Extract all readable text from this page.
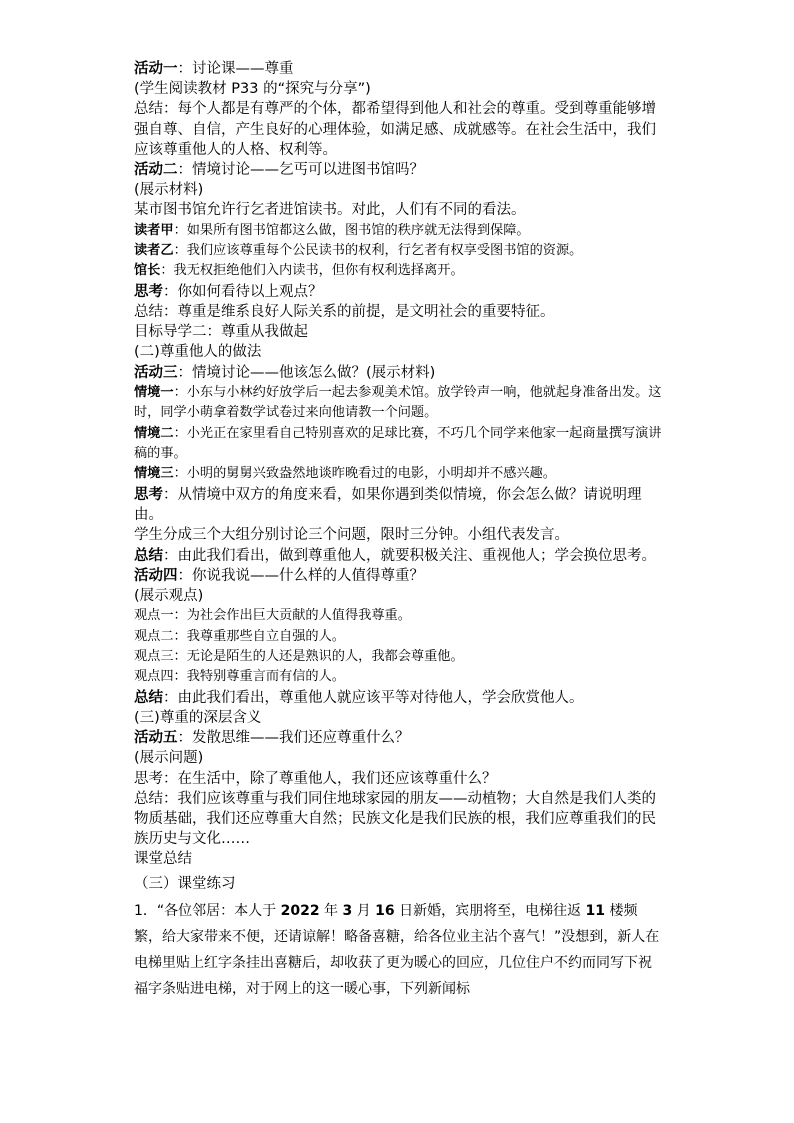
活动一：讨论课——尊重

(学生阅读教材 P33 的“探究与分享”)

总结：每个人都是有尊严的个体，都希望得到他人和社会的尊重。受到尊重能够增强自尊、自信，产生良好的心理体验，如满足感、成就感等。在社会生活中，我们应该尊重他人的人格、权利等。

活动二：情境讨论——乞丐可以进图书馆吗？

(展示材料)

某市图书馆允许行乞者进馆读书。对此，人们有不同的看法。

读者甲：如果所有图书馆都这么做，图书馆的秩序就无法得到保障。

读者乙：我们应该尊重每个公民读书的权利，行乞者有权享受图书馆的资源。

馆长：我无权拒绝他们入内读书，但你有权利选择离开。

思考：你如何看待以上观点？

总结：尊重是维系良好人际关系的前提，是文明社会的重要特征。

目标导学二：尊重从我做起

(二)尊重他人的做法

活动三：情境讨论——他该怎么做？(展示材料)

情境一：小东与小林约好放学后一起去参观美术馆。放学铃声一响，他就起身准备出发。这时，同学小萌拿着数学试卷过来向他请教一个问题。

情境二：小光正在家里看自己特别喜欢的足球比赛，不巧几个同学来他家一起商量撰写演讲稿的事。

情境三：小明的舅舅兴致盎然地谈昨晚看过的电影，小明却并不感兴趣。

思考：从情境中双方的角度来看，如果你遇到类似情境，你会怎么做？请说明理由。

学生分成三个大组分别讨论三个问题，限时三分钟。小组代表发言。

总结：由此我们看出，做到尊重他人，就要积极关注、重视他人；学会换位思考。

活动四：你说我说——什么样的人值得尊重？

(展示观点)

观点一：为社会作出巨大贡献的人值得我尊重。

观点二：我尊重那些自立自强的人。

观点三：无论是陌生的人还是熟识的人，我都会尊重他。

观点四：我特别尊重言而有信的人。

总结：由此我们看出，尊重他人就应该平等对待他人，学会欣赏他人。

(三)尊重的深层含义

活动五：发散思维——我们还应尊重什么？

(展示问题)

思考：在生活中，除了尊重他人，我们还应该尊重什么？

总结：我们应该尊重与我们同住地球家园的朋友——动植物；大自然是我们人类的物质基础，我们还应尊重大自然；民族文化是我们民族的根，我们应尊重我们的民族历史与文化……

课堂总结

（三）课堂练习

1．“各位邻居：本人于 2022 年 3 月 16 日新婚，宾朋将至，电梯往返 11 楼频繁，给大家带来不便，还请谅解！略备喜糖，给各位业主沾个喜气！”没想到，新人在电梯里贴上红字条挂出喜糖后，却收获了更为暖心的回应，几位住户不约而同写下祝福字条贴进电梯，对于网上的这一暖心事，下列新闻标
